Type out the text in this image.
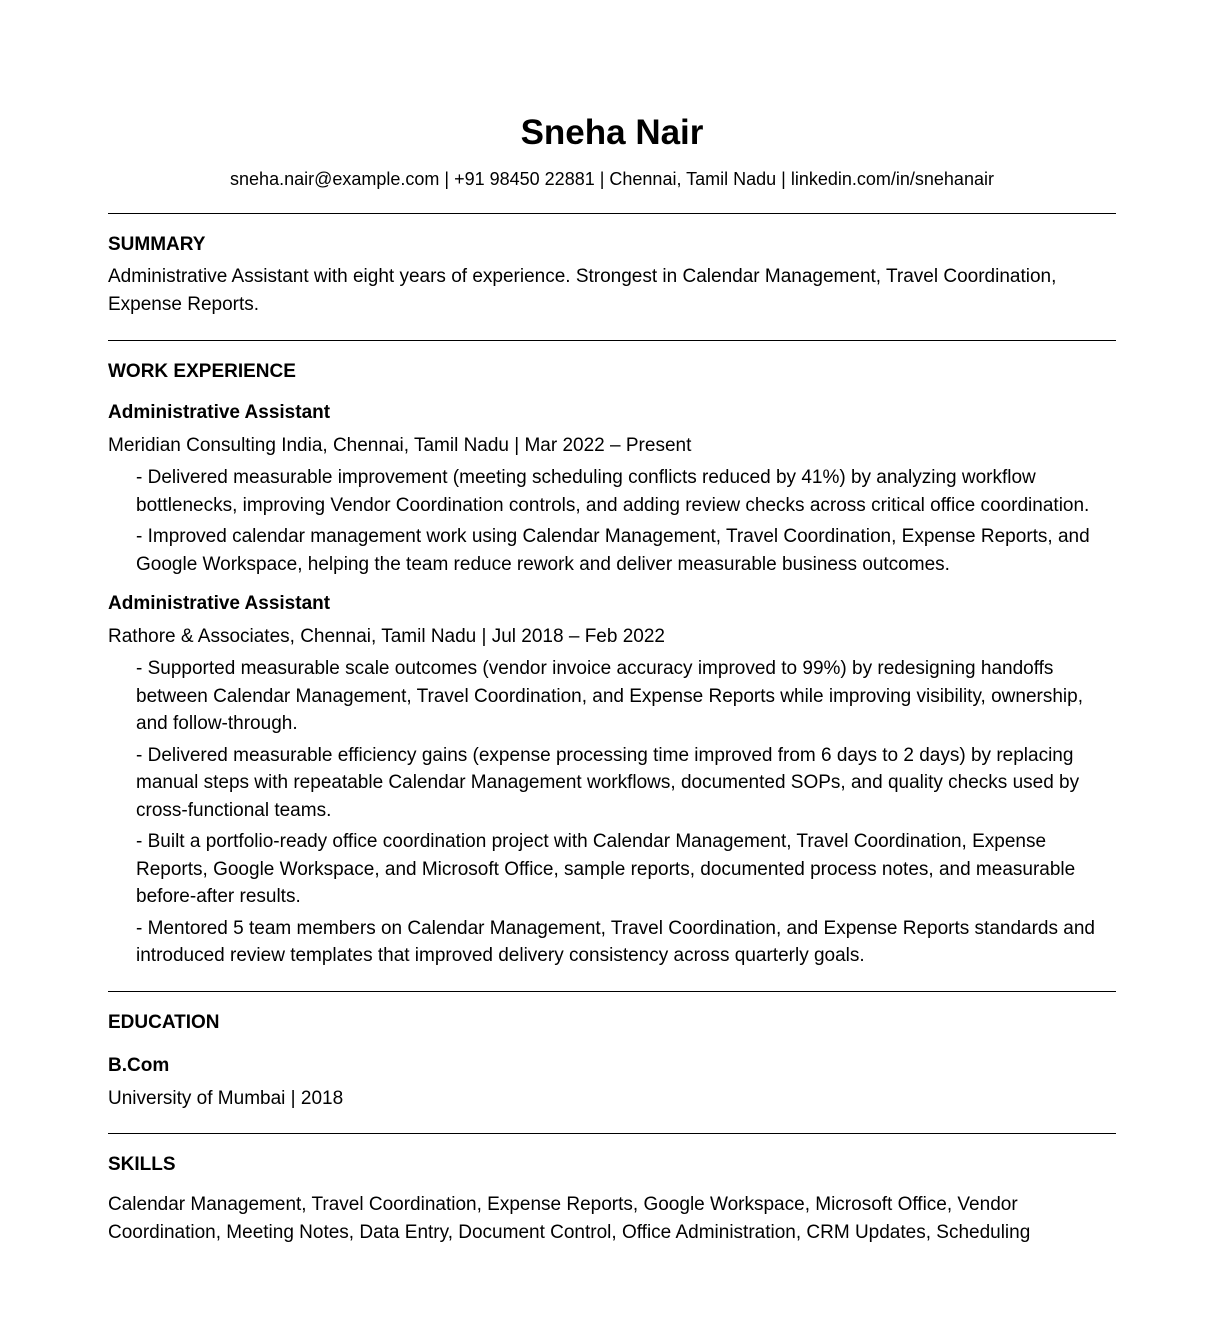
Sneha Nair
sneha.nair@example.com | +91 98450 22881 | Chennai, Tamil Nadu | linkedin.com/in/snehanair
SUMMARY
Administrative Assistant with eight years of experience. Strongest in Calendar Management, Travel Coordination, Expense Reports.
WORK EXPERIENCE
Administrative Assistant
Meridian Consulting India, Chennai, Tamil Nadu | Mar 2022 – Present
- Delivered measurable improvement (meeting scheduling conflicts reduced by 41%) by analyzing workflow bottlenecks, improving Vendor Coordination controls, and adding review checks across critical office coordination.
- Improved calendar management work using Calendar Management, Travel Coordination, Expense Reports, and Google Workspace, helping the team reduce rework and deliver measurable business outcomes.
Administrative Assistant
Rathore & Associates, Chennai, Tamil Nadu | Jul 2018 – Feb 2022
- Supported measurable scale outcomes (vendor invoice accuracy improved to 99%) by redesigning handoffs between Calendar Management, Travel Coordination, and Expense Reports while improving visibility, ownership, and follow-through.
- Delivered measurable efficiency gains (expense processing time improved from 6 days to 2 days) by replacing manual steps with repeatable Calendar Management workflows, documented SOPs, and quality checks used by cross-functional teams.
- Built a portfolio-ready office coordination project with Calendar Management, Travel Coordination, Expense Reports, Google Workspace, and Microsoft Office, sample reports, documented process notes, and measurable before-after results.
- Mentored 5 team members on Calendar Management, Travel Coordination, and Expense Reports standards and introduced review templates that improved delivery consistency across quarterly goals.
EDUCATION
B.Com
University of Mumbai | 2018
SKILLS
Calendar Management, Travel Coordination, Expense Reports, Google Workspace, Microsoft Office, Vendor Coordination, Meeting Notes, Data Entry, Document Control, Office Administration, CRM Updates, Scheduling
